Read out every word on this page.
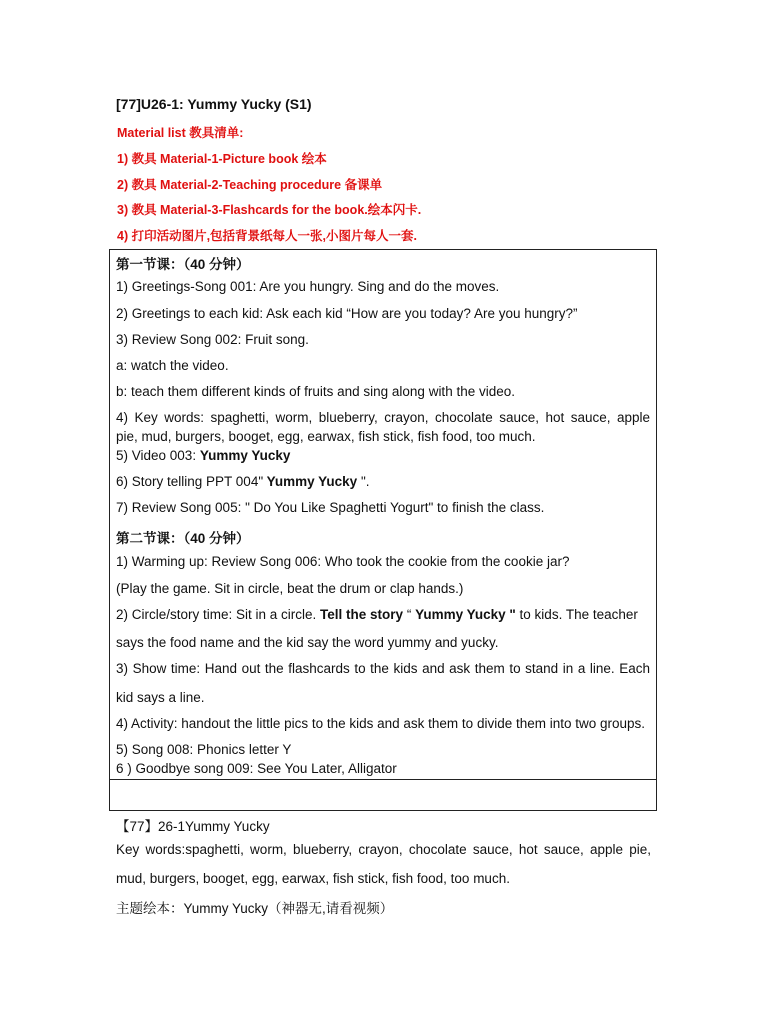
[77]U26-1: Yummy Yucky (S1)
Material list 教具清单:
1) 教具 Material-1-Picture book 绘本
2) 教具 Material-2-Teaching procedure 备课单
3) 教具 Material-3-Flashcards for the book.绘本闪卡.
4) 打印活动图片,包括背景纸每人一张,小图片每人一套.
第一节课：（40 分钟）
1) Greetings-Song 001: Are you hungry. Sing and do the moves.
2) Greetings to each kid: Ask each kid “How are you today? Are you hungry?”
3) Review Song 002: Fruit song.
a: watch the video.
b: teach them different kinds of fruits and sing along with the video.
4) Key words: spaghetti, worm, blueberry, crayon, chocolate sauce, hot sauce, apple
pie, mud, burgers, booget, egg, earwax, fish stick, fish food, too much.
5) Video 003: Yummy Yucky
6) Story telling PPT 004" Yummy Yucky ".
7) Review Song 005: " Do You Like Spaghetti Yogurt" to finish the class.
第二节课：（40 分钟）
1) Warming up: Review Song 006: Who took the cookie from the cookie jar?
(Play the game. Sit in circle, beat the drum or clap hands.)
2) Circle/story time: Sit in a circle. Tell the story “ Yummy Yucky " to kids. The teacher
says the food name and the kid say the word yummy and yucky.
3) Show time: Hand out the flashcards to the kids and ask them to stand in a line. Each
kid says a line.
4) Activity: handout the little pics to the kids and ask them to divide them into two groups.
5) Song 008: Phonics letter Y
6 ) Goodbye song 009: See You Later, Alligator
【77】26-1Yummy Yucky
Key words:spaghetti, worm, blueberry, crayon, chocolate sauce, hot sauce, apple pie,
mud, burgers, booget, egg, earwax, fish stick, fish food, too much.
主题绘本：Yummy Yucky（神器无,请看视频）
